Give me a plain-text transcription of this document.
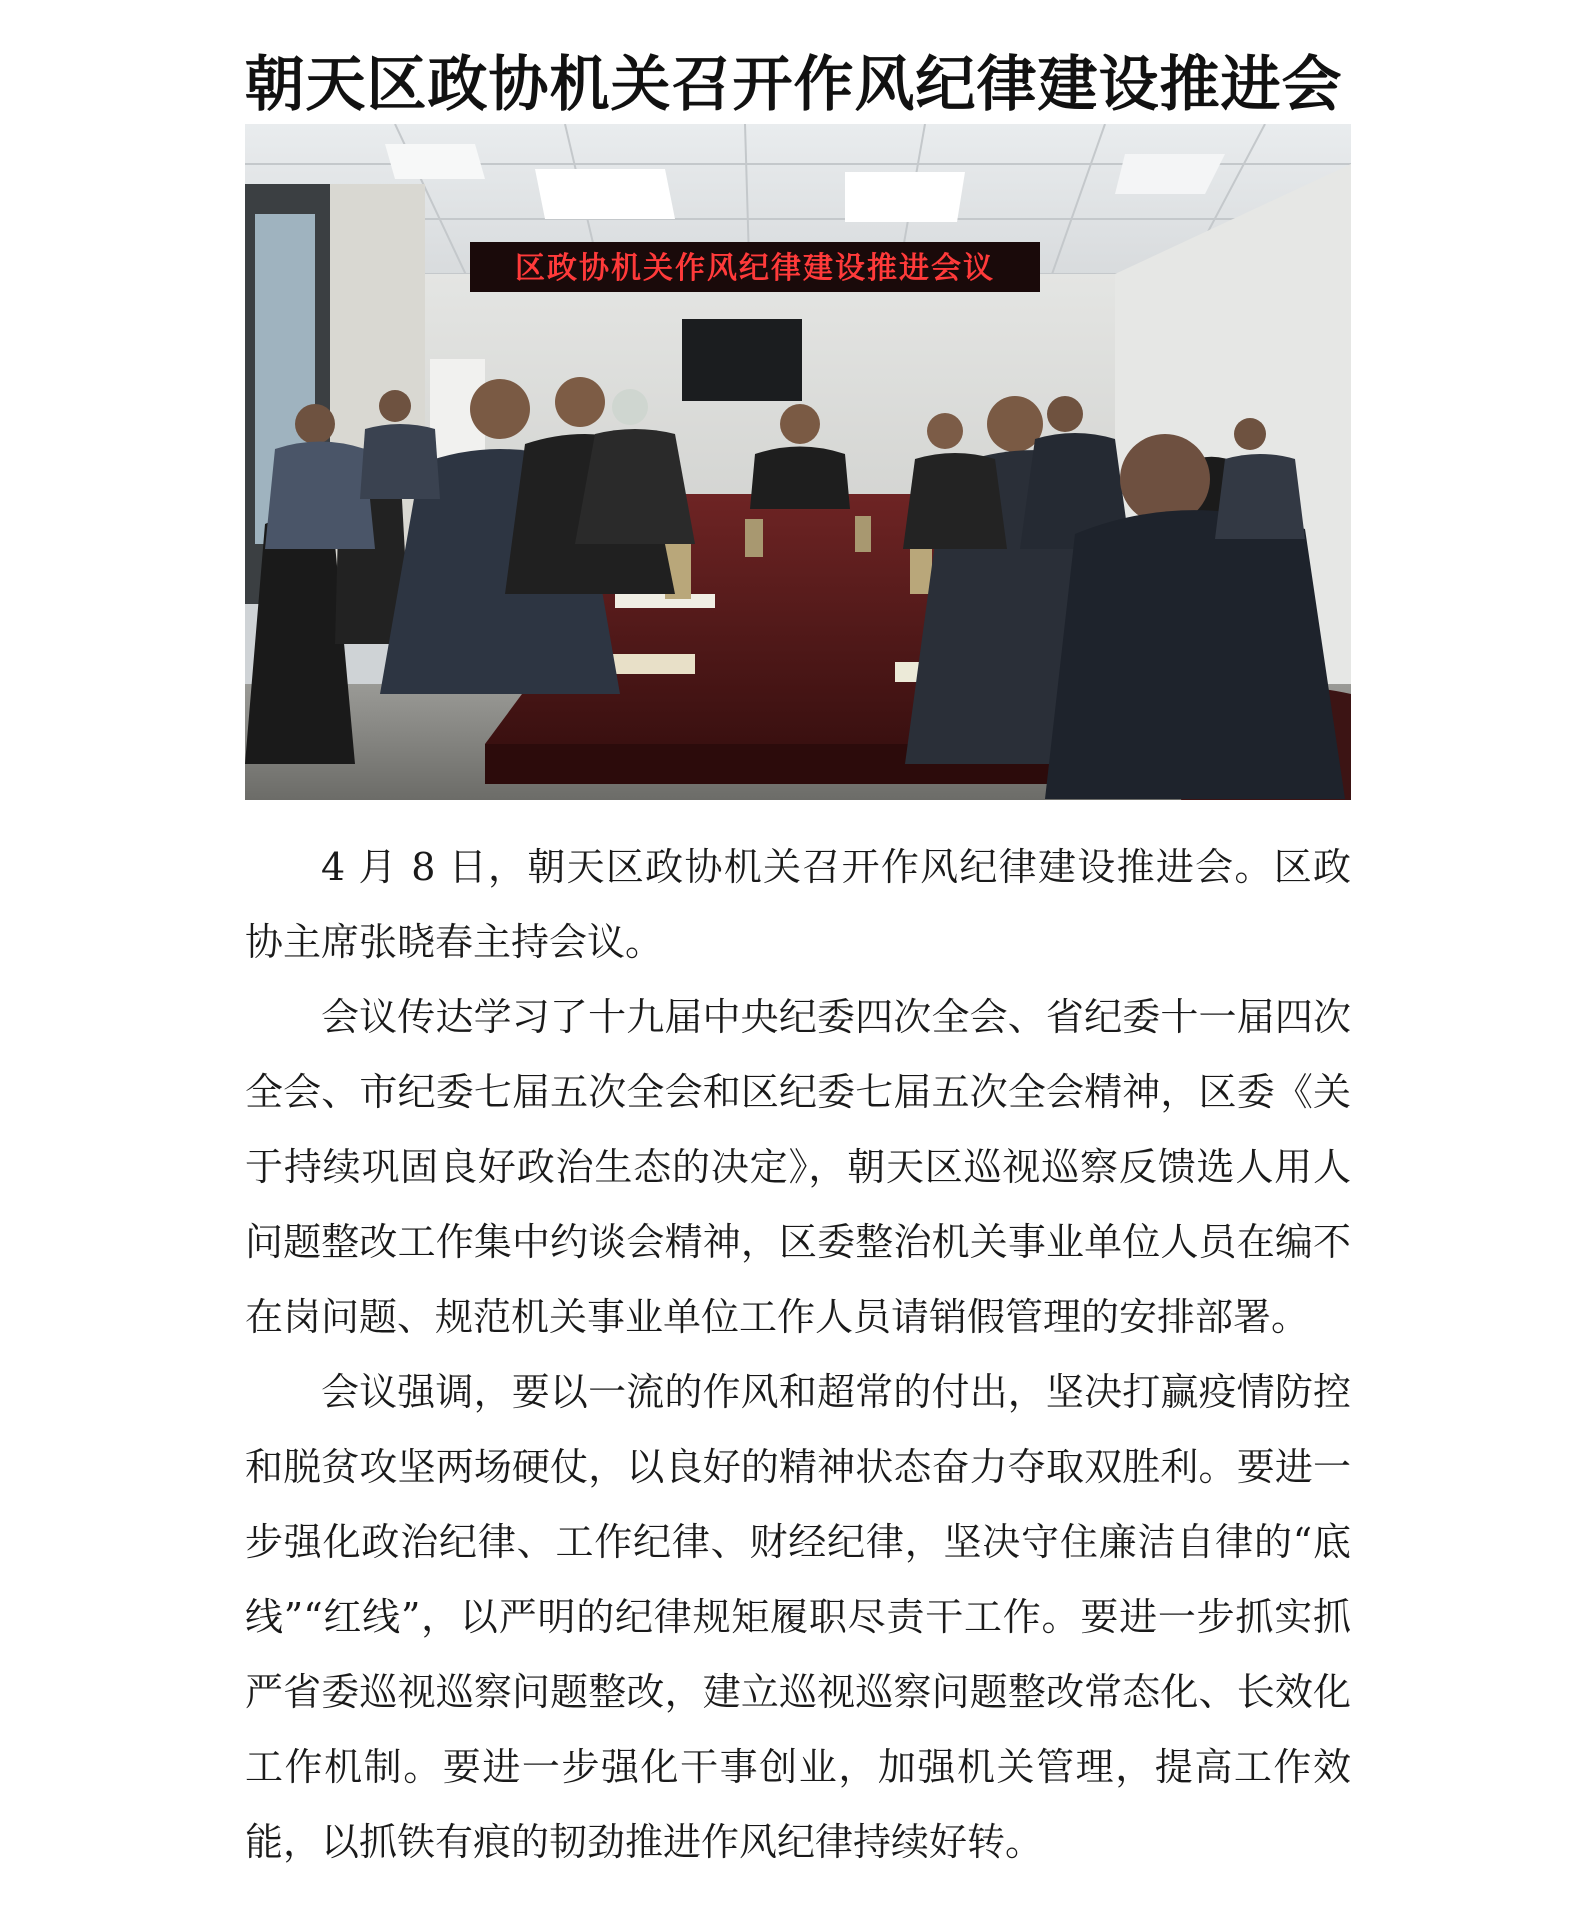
朝天区政协机关召开作风纪律建设推进会
区政协机关作风纪律建设推进会议

4 月 8 日，朝天区政协机关召开作风纪律建设推进会。区政协主席张晓春主持会议。

会议传达学习了十九届中央纪委四次全会、省纪委十一届四次全会、市纪委七届五次全会和区纪委七届五次全会精神，区委《关于持续巩固良好政治生态的决定》，朝天区巡视巡察反馈选人用人问题整改工作集中约谈会精神，区委整治机关事业单位人员在编不在岗问题、规范机关事业单位工作人员请销假管理的安排部署。

会议强调，要以一流的作风和超常的付出，坚决打赢疫情防控和脱贫攻坚两场硬仗，以良好的精神状态奋力夺取双胜利。要进一步强化政治纪律、工作纪律、财经纪律，坚决守住廉洁自律的“底线”“红线”，以严明的纪律规矩履职尽责干工作。要进一步抓实抓严省委巡视巡察问题整改，建立巡视巡察问题整改常态化、长效化工作机制。要进一步强化干事创业，加强机关管理，提高工作效能，以抓铁有痕的韧劲推进作风纪律持续好转。
